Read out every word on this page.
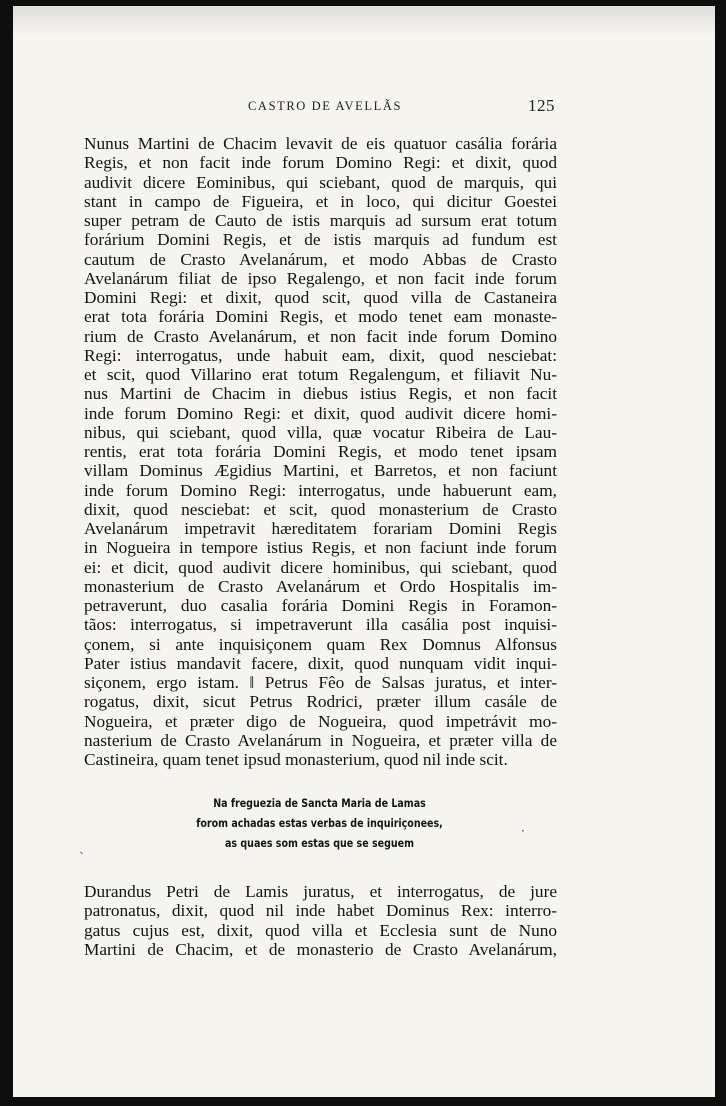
CASTRO DE AVELLÃS	125
Nunus Martini de Chacim levavit de eis quatuor casália forária
Regis, et non facit inde forum Domino Regi: et dixit, quod
audivit dicere Eominibus, qui sciebant, quod de marquis, qui
stant in campo de Figueira, et in loco, qui dicitur Goestei
super petram de Cauto de istis marquis ad sursum erat totum
forárium Domini Regis, et de istis marquis ad fundum est
cautum de Crasto Avelanárum, et modo Abbas de Crasto
Avelanárum filiat de ipso Regalengo, et non facit inde forum
Domini Regi: et dixit, quod scit, quod villa de Castaneira
erat tota forária Domini Regis, et modo tenet eam monaste-
rium de Crasto Avelanárum, et non facit inde forum Domino
Regi: interrogatus, unde habuit eam, dixit, quod nesciebat:
et scit, quod Villarino erat totum Regalengum, et filiavit Nu-
nus Martini de Chacim in diebus istius Regis, et non facit
inde forum Domino Regi: et dixit, quod audivit dicere homi-
nibus, qui sciebant, quod villa, quæ vocatur Ribeira de Lau-
rentis, erat tota forária Domini Regis, et modo tenet ipsam
villam Dominus Ægidius Martini, et Barretos, et non faciunt
inde forum Domino Regi: interrogatus, unde habuerunt eam,
dixit, quod nesciebat: et scit, quod monasterium de Crasto
Avelanárum impetravit hæreditatem forariam Domini Regis
in Nogueira in tempore istius Regis, et non faciunt inde forum
ei: et dicit, quod audivit dicere hominibus, qui sciebant, quod
monasterium de Crasto Avelanárum et Ordo Hospitalis im-
petraverunt, duo casalia forária Domini Regis in Foramon-
tãos: interrogatus, si impetraverunt illa casália post inquisi-
çonem, si ante inquisiçonem quam Rex Domnus Alfonsus
Pater istius mandavit facere, dixit, quod nunquam vidit inqui-
siçonem, ergo istam. ‖ Petrus Fêo de Salsas juratus, et inter-
rogatus, dixit, sicut Petrus Rodrici, præter illum casále de
Nogueira, et præter digo de Nogueira, quod impetrávit mo-
nasterium de Crasto Avelanárum in Nogueira, et præter villa de
Castineira, quam tenet ipsud monasterium, quod nil inde scit.
Na freguezia de Sancta Maria de Lamas
forom achadas estas verbas de inquiriçonees,
as quaes som estas que se seguem
ˎ
·
Durandus Petri de Lamis juratus, et interrogatus, de jure
patronatus, dixit, quod nil inde habet Dominus Rex: interro-
gatus cujus est, dixit, quod villa et Ecclesia sunt de Nuno
Martini de Chacim, et de monasterio de Crasto Avelanárum,
